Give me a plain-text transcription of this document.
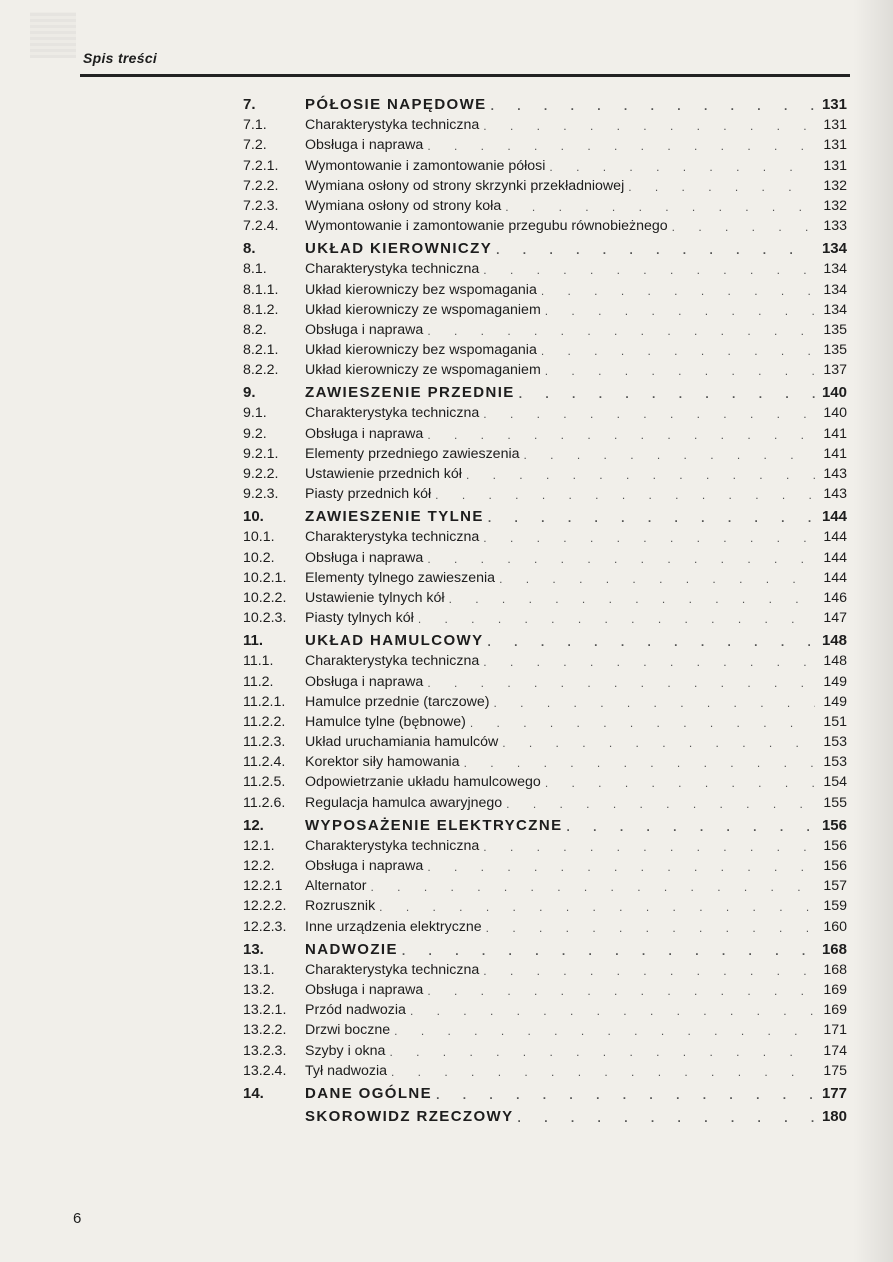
Spis treści
7.	PÓŁOSIE NAPĘDOWE . . .	131
7.1.	Charakterystyka techniczna . . .	131
7.2.	Obsługa i naprawa . . .	131
7.2.1.	Wymontowanie i zamontowanie półosi . . .	131
7.2.2.	Wymiana osłony od strony skrzynki przekładniowej . . .	132
7.2.3.	Wymiana osłony od strony koła . . .	132
7.2.4.	Wymontowanie i zamontowanie przegubu równobieżnego . . .	133
8.	UKŁAD KIEROWNICZY . . .	134
8.1.	Charakterystyka techniczna . . .	134
8.1.1.	Układ kierowniczy bez wspomagania . . .	134
8.1.2.	Układ kierowniczy ze wspomaganiem . . .	134
8.2.	Obsługa i naprawa . . .	135
8.2.1.	Układ kierowniczy bez wspomagania . . .	135
8.2.2.	Układ kierowniczy ze wspomaganiem . . .	137
9.	ZAWIESZENIE PRZEDNIE . . .	140
9.1.	Charakterystyka techniczna . . .	140
9.2.	Obsługa i naprawa . . .	141
9.2.1.	Elementy przedniego zawieszenia . . .	141
9.2.2.	Ustawienie przednich kół . . .	143
9.2.3.	Piasty przednich kół . . .	143
10.	ZAWIESZENIE TYLNE . . .	144
10.1.	Charakterystyka techniczna . . .	144
10.2.	Obsługa i naprawa . . .	144
10.2.1.	Elementy tylnego zawieszenia . . .	144
10.2.2.	Ustawienie tylnych kół . . .	146
10.2.3.	Piasty tylnych kół . . .	147
11.	UKŁAD HAMULCOWY . . .	148
11.1.	Charakterystyka techniczna . . .	148
11.2.	Obsługa i naprawa . . .	149
11.2.1.	Hamulce przednie (tarczowe) . . .	149
11.2.2.	Hamulce tylne (bębnowe) . . .	151
11.2.3.	Układ uruchamiania hamulców . . .	153
11.2.4.	Korektor siły hamowania . . .	153
11.2.5.	Odpowietrzanie układu hamulcowego . . .	154
11.2.6.	Regulacja hamulca awaryjnego . . .	155
12.	WYPOSAŻENIE ELEKTRYCZNE . . .	156
12.1.	Charakterystyka techniczna . . .	156
12.2.	Obsługa i naprawa . . .	156
12.2.1	Alternator . . .	157
12.2.2.	Rozrusznik . . .	159
12.2.3.	Inne urządzenia elektryczne . . .	160
13.	NADWOZIE . . .	168
13.1.	Charakterystyka techniczna . . .	168
13.2.	Obsługa i naprawa . . .	169
13.2.1.	Przód nadwozia . . .	169
13.2.2.	Drzwi boczne . . .	171
13.2.3.	Szyby i okna . . .	174
13.2.4.	Tył nadwozia . . .	175
14.	DANE OGÓLNE . . .	177
SKOROWIDZ RZECZOWY . . .	180
6
